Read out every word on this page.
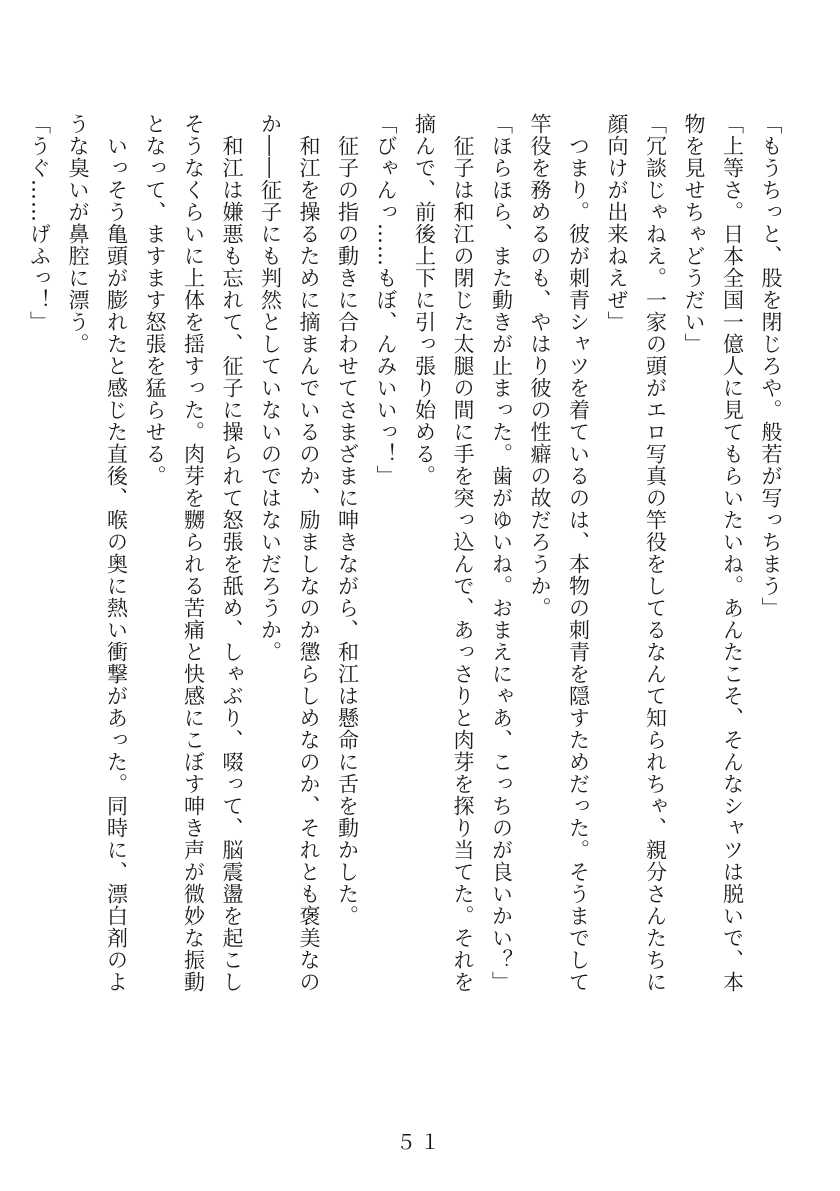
「もうちっと、股を閉じろや。般若が写っちまう」
「上等さ。日本全国一億人に見てもらいたいね。あんたこそ、そんなシャツは脱いで、本
物を見せちゃどうだい」
「冗談じゃねえ。一家の頭がエロ写真の竿役をしてるなんて知られちゃ、親分さんたちに
顔向けが出来ねえぜ」
　つまり。彼が刺青シャツを着ているのは、本物の刺青を隠すためだった。そうまでして
竿役を務めるのも、やはり彼の性癖の故だろうか。
「ほらほら、また動きが止まった。歯がゆいね。おまえにゃあ、こっちのが良いかい？」
　征子は和江の閉じた太腿の間に手を突っ込んで、あっさりと肉芽を探り当てた。それを
摘んで、前後上下に引っ張り始める。
「びゃんっ……もぼ、んみいいっ！」
　征子の指の動きに合わせてさまざまに呻きながら、和江は懸命に舌を動かした。
　和江を操るために摘まんでいるのか、励ましなのか懲らしめなのか、それとも褒美なの
か――征子にも判然としていないのではないだろうか。
　和江は嫌悪も忘れて、征子に操られて怒張を舐め、しゃぶり、啜って、脳震盪を起こし
そうなくらいに上体を揺すった。肉芽を嬲られる苦痛と快感にこぼす呻き声が微妙な振動
となって、ますます怒張を猛らせる。
　いっそう亀頭が膨れたと感じた直後、喉の奥に熱い衝撃があった。同時に、漂白剤のよ
うな臭いが鼻腔に漂う。
「うぐ……げふっ！」
５１
